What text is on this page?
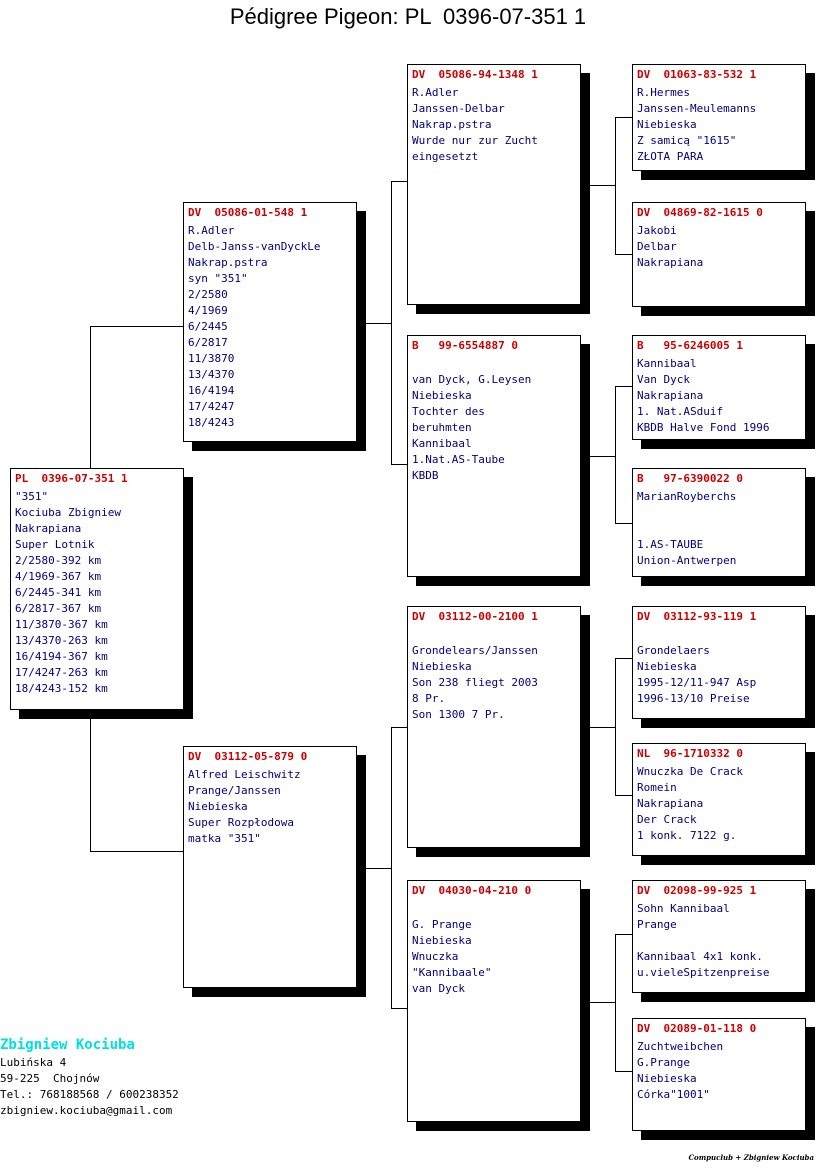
Pédigree Pigeon: PL  0396-07-351 1
PL  0396-07-351 1
"351"
Kociuba Zbigniew
Nakrapiana
Super Lotnik
2/2580-392 km
4/1969-367 km
6/2445-341 km
6/2817-367 km
11/3870-367 km
13/4370-263 km
16/4194-367 km
17/4247-263 km
18/4243-152 km
DV  05086-01-548 1
R.Adler
Delb-Janss-vanDyckLe
Nakrap.pstra
syn "351"
2/2580
4/1969
6/2445
6/2817
11/3870
13/4370
16/4194
17/4247
18/4243
DV  03112-05-879 0
Alfred Leischwitz
Prange/Janssen
Niebieska
Super Rozpłodowa
matka "351"
DV  05086-94-1348 1
R.Adler
Janssen-Delbar
Nakrap.pstra
Wurde nur zur Zucht
eingesetzt
B   99-6554887 0
van Dyck, G.Leysen
Niebieska
Tochter des
beruhmten
Kannibaal
1.Nat.AS-Taube
KBDB
DV  03112-00-2100 1
Grondelears/Janssen
Niebieska
Son 238 fliegt 2003
8 Pr.
Son 1300 7 Pr.
DV  04030-04-210 0
G. Prange
Niebieska
Wnuczka
"Kannibaale"
van Dyck
DV  01063-83-532 1
R.Hermes
Janssen-Meulemanns
Niebieska
Z samicą "1615"
ZŁOTA PARA
DV  04869-82-1615 0
Jakobi
Delbar
Nakrapiana
B   95-6246005 1
Kannibaal
Van Dyck
Nakrapiana
1. Nat.ASduif
KBDB Halve Fond 1996
B   97-6390022 0
MarianRoyberchs
1.AS-TAUBE
Union-Antwerpen
DV  03112-93-119 1
Grondelaers
Niebieska
1995-12/11-947 Asp
1996-13/10 Preise
NL  96-1710332 0
Wnuczka De Crack
Romein
Nakrapiana
Der Crack
1 konk. 7122 g.
DV  02098-99-925 1
Sohn Kannibaal
Prange
Kannibaal 4x1 konk.
u.vieleSpitzenpreise
DV  02089-01-118 0
Zuchtweibchen
G.Prange
Niebieska
Córka"1001"
Zbigniew Kociuba
Lubińska 4
59-225  Chojnów
Tel.: 768188568 / 600238352
zbigniew.kociuba@gmail.com
Compuclub + Zbigniew Kociuba
